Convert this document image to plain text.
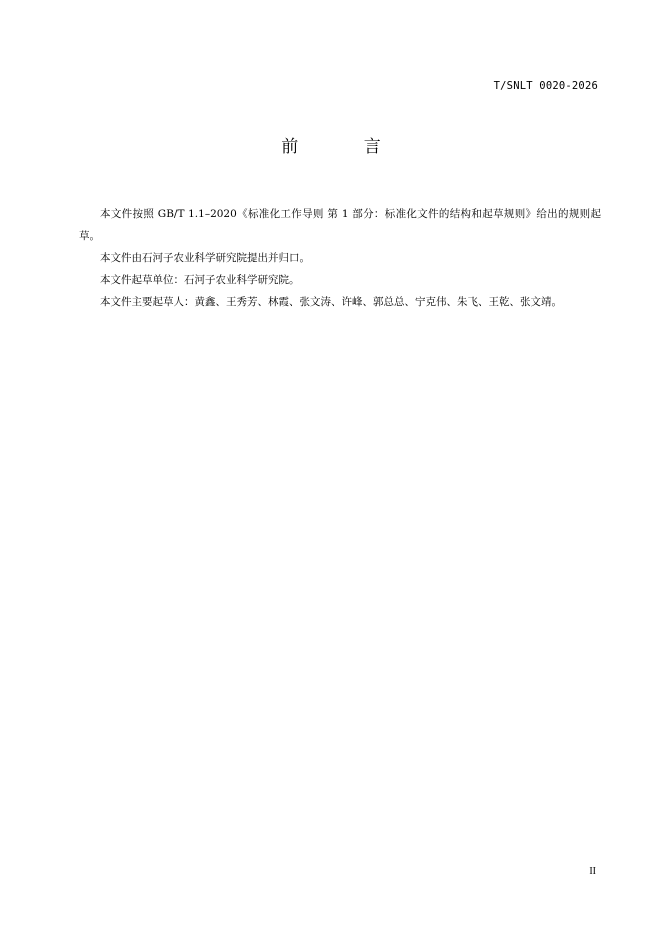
T/SNLT 0020-2026
前 言

本文件按照 GB/T 1.1–2020《标准化工作导则 第 1 部分：标准化文件的结构和起草规则》给出的规则起草。

本文件由石河子农业科学研究院提出并归口。

本文件起草单位：石河子农业科学研究院。

本文件主要起草人：黄鑫、王秀芳、林霞、张文涛、许峰、郭总总、宁克伟、朱飞、王乾、张文靖。

II
